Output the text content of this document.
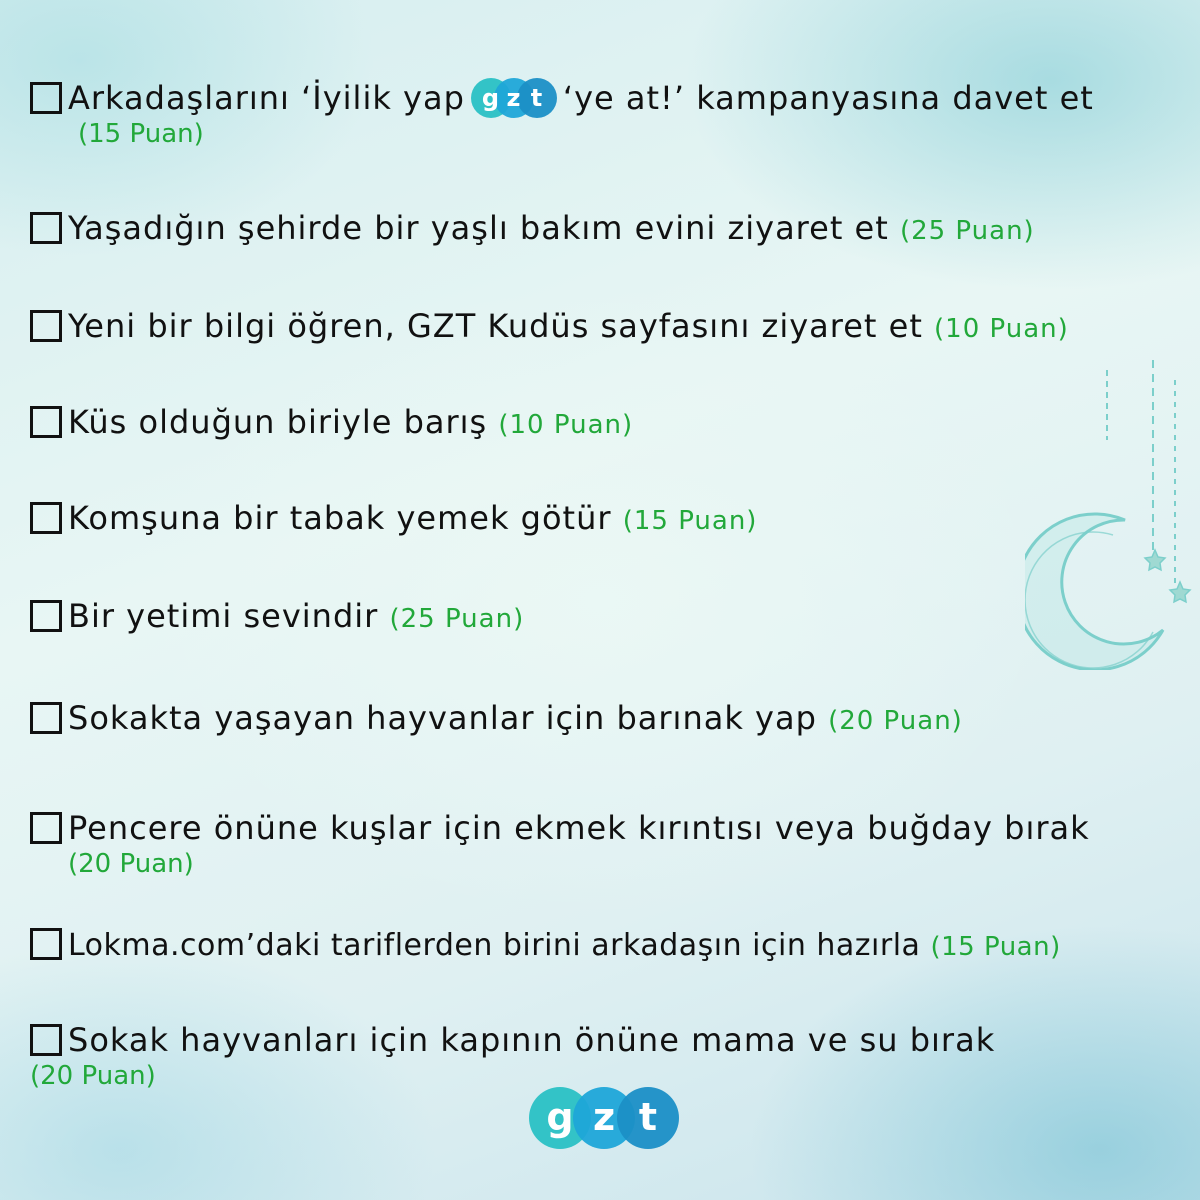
Arkadaşlarını ‘İyilik yap g z t ‘ye at!’ kampanyasına davet et
(15 Puan)
Yaşadığın şehirde bir yaşlı bakım evini ziyaret et (25 Puan)
Yeni bir bilgi öğren, GZT Kudüs sayfasını ziyaret et (10 Puan)
Küs olduğun biriyle barış (10 Puan)
Komşuna bir tabak yemek götür (15 Puan)
Bir yetimi sevindir (25 Puan)
Sokakta yaşayan hayvanlar için barınak yap (20 Puan)
Pencere önüne kuşlar için ekmek kırıntısı veya buğday bırak
(20 Puan)
Lokma.com’daki tariflerden birini arkadaşın için hazırla (15 Puan)
Sokak hayvanları için kapının önüne mama ve su bırak
(20 Puan)
g z t
